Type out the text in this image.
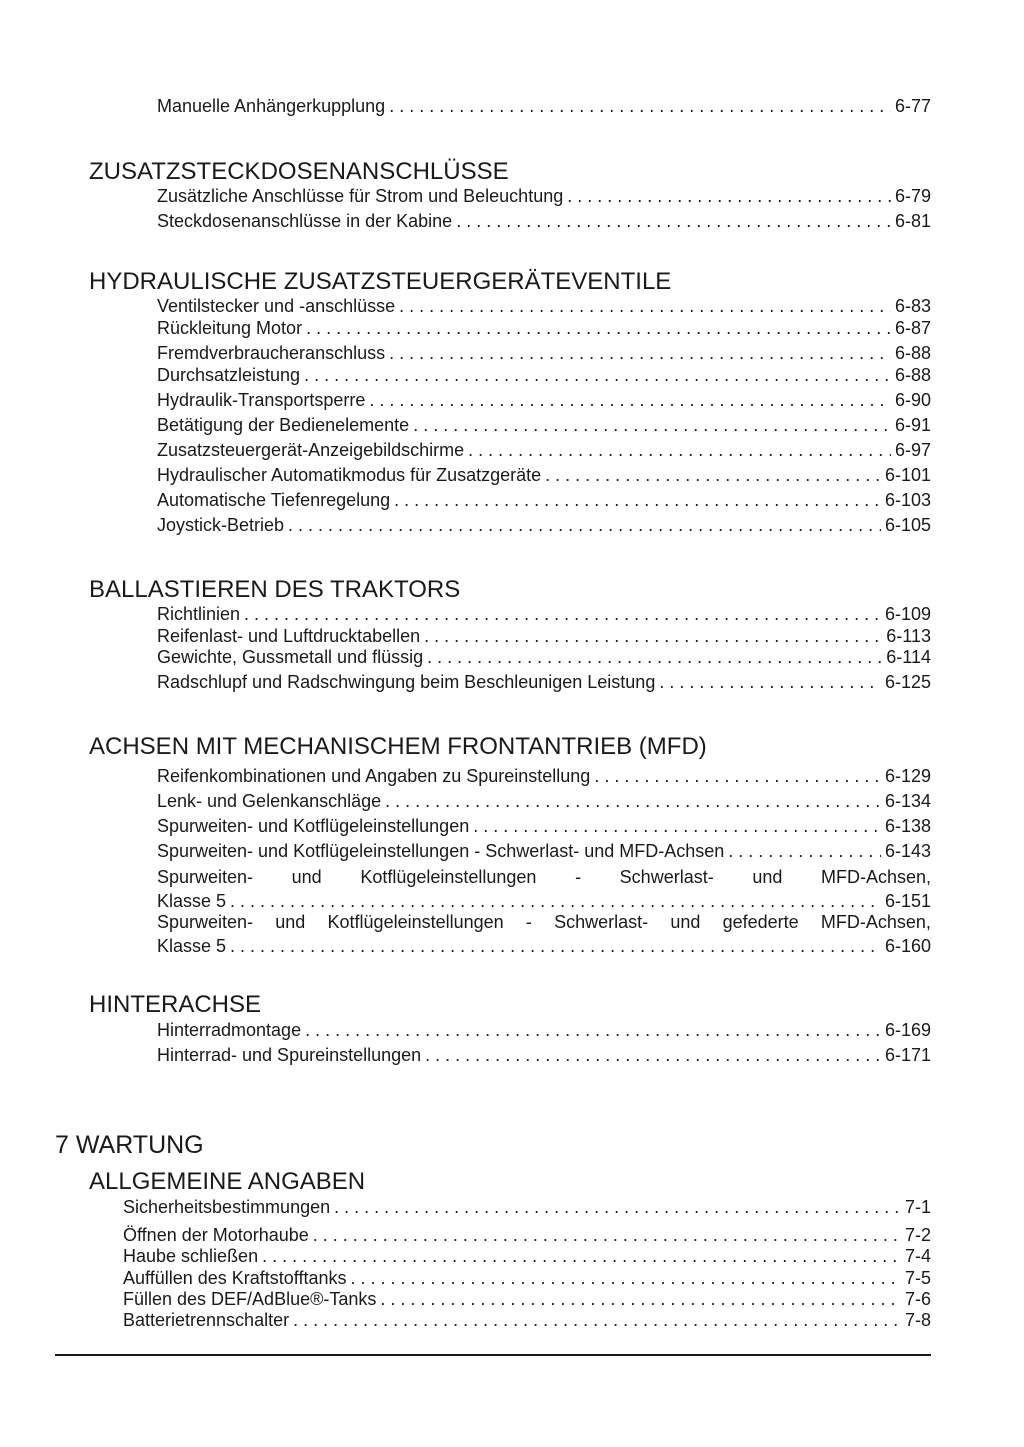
Manuelle Anhängerkupplung . . .	6-77
ZUSATZSTECKDOSENANSCHLÜSSE
Zusätzliche Anschlüsse für Strom und Beleuchtung . . .	6-79
Steckdosenanschlüsse in der Kabine . . .	6-81
HYDRAULISCHE ZUSATZSTEUERGERÄTEVENTILE
Ventilstecker und -anschlüsse . . .	6-83
Rückleitung Motor . . .	6-87
Fremdverbraucheranschluss . . .	6-88
Durchsatzleistung . . .	6-88
Hydraulik-Transportsperre . . .	6-90
Betätigung der Bedienelemente . . .	6-91
Zusatzsteuergerät-Anzeigebildschirme . . .	6-97
Hydraulischer Automatikmodus für Zusatzgeräte . . .	6-101
Automatische Tiefenregelung . . .	6-103
Joystick-Betrieb . . .	6-105
BALLASTIEREN DES TRAKTORS
Richtlinien . . .	6-109
Reifenlast- und Luftdrucktabellen . . .	6-113
Gewichte, Gussmetall und flüssig . . .	6-114
Radschlupf und Radschwingung beim Beschleunigen Leistung . . .	6-125
ACHSEN MIT MECHANISCHEM FRONTANTRIEB (MFD)
Reifenkombinationen und Angaben zu Spureinstellung . . .	6-129
Lenk- und Gelenkanschläge . . .	6-134
Spurweiten- und Kotflügeleinstellungen . . .	6-138
Spurweiten- und Kotflügeleinstellungen - Schwerlast- und MFD-Achsen . . .	6-143
Spurweiten- und Kotflügeleinstellungen - Schwerlast- und MFD-Achsen,
Klasse 5 . . .	6-151
Spurweiten- und Kotflügeleinstellungen - Schwerlast- und gefederte MFD-Achsen,
Klasse 5 . . .	6-160
HINTERACHSE
Hinterradmontage . . .	6-169
Hinterrad- und Spureinstellungen . . .	6-171
7 WARTUNG
ALLGEMEINE ANGABEN
Sicherheitsbestimmungen . . .	7-1
Öffnen der Motorhaube . . .	7-2
Haube schließen . . .	7-4
Auffüllen des Kraftstofftanks . . .	7-5
Füllen des DEF/AdBlue®-Tanks . . .	7-6
Batterietrennschalter . . .	7-8
